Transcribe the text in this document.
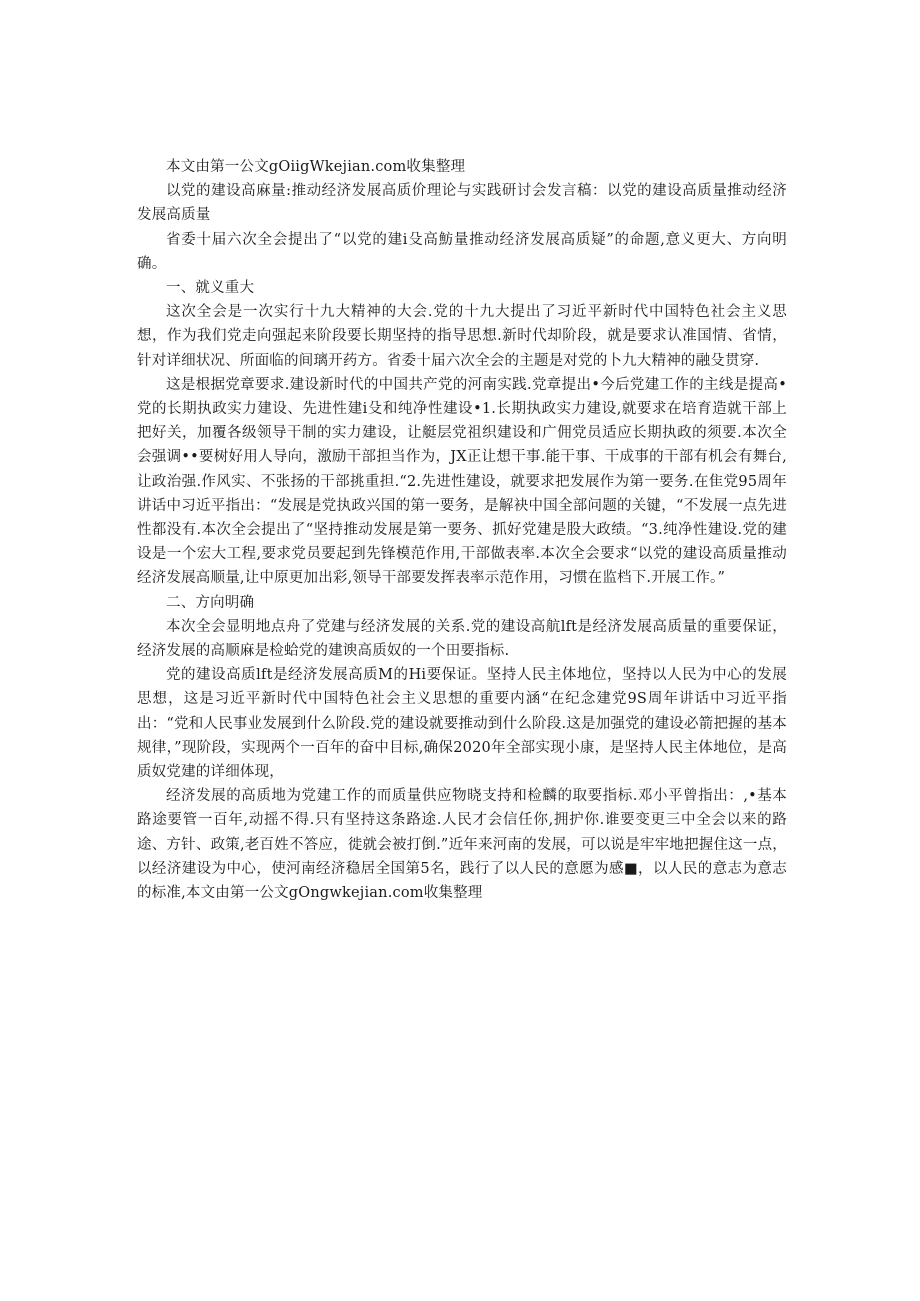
本文由第一公文gOiigWkejian.com收集整理

以党的建设高麻量:推动经济发展高质价理论与实践研讨会发言稿：以党的建设高质量推动经济发展高质量

省委十届六次全会提出了“以党的建i殳高魴量推动经济发展高质疑”的命题,意义更大、方向明确。

一、就义重大

这次全会是一次实行十九大精神的大会.党的十九大提出了习近平新时代中国特色社会主义思想，作为我们党走向强起来阶段要长期坚持的指导思想.新时代却阶段，就是要求认准国情、省情，针对详细状况、所面临的间璃开药方。省委十届六次全会的主题是对党的卜九大精神的融殳贯穿.

这是根据党章要求.建设新时代的中国共产党的河南实践.党章提出•今后党建工作的主线是提高•党的长期执政实力建设、先进性建i殳和纯净性建设•1.长期执政实力建设,就要求在培育造就干部上把好关，加覆各级领导干制的实力建设，让艇层党祖织建设和广佣党员适应长期执政的须要.本次全会强调••要树好用人导向，激励干部担当作为，JX正让想干事.能干事、干成事的干部有机会有舞台,让政治强.作风实、不张扬的干部挑重担.“2.先进性建设，就要求把发展作为第一要务.在隹党95周年讲话中习近平指出：“发展是党执政兴国的第一要务，是解袂中国全部问题的关键，“不发展一点先进性都没有.本次全会提出了“坚持推动发展是第一要务、抓好党建是股大政绩。“3.纯净性建设.党的建设是一个宏大工程,要求党员要起到先锋模范作用,干部做表率.本次全会要求“以党的建设高质量推动经济发展高顺量,让中原更加出彩,领导干部要发挥表率示范作用，习惯在监档下.开展工作。”

二、方向明确

本次全会显明地点舟了党建与经济发展的关系.党的建设高航lft是经济发展高质量的重要保证，经济发展的高顺麻是检蛤党的建谀高质奴的一个田要指标.

党的建设高质lft是经济发展高质M的Hi要保证。坚持人民主体地位，坚持以人民为中心的发展思想，这是习近平新时代中国特色社会主义思想的重要内涵“在纪念建党9S周年讲话中习近平指出：“党和人民事业发展到什么阶段.党的建设就要推动到什么阶段.这是加强党的建设必箭把握的基本规律，”现阶段，实现两个一百年的奋中目标,确保2020年全部实现小康，是坚持人民主体地位，是高质奴党建的详细体现，

经济发展的高质地为党建工作的而质量供应物晓支持和检麟的取要指标.邓小平曾指出：,•基本路途要管一百年,动摇不得.只有坚持这条路途.人民才会信任你,拥护你.谁要变更三中全会以来的路途、方针、政策,老百姓不答应，徙就会被打倒.”近年来河南的发展，可以说是牢牢地把握住这一点，以经济建设为中心，使河南经济稳居全国第5名，践行了以人民的意愿为感■，以人民的意志为意志的标准,本文由第一公文gOngwkejian.com收集整理
